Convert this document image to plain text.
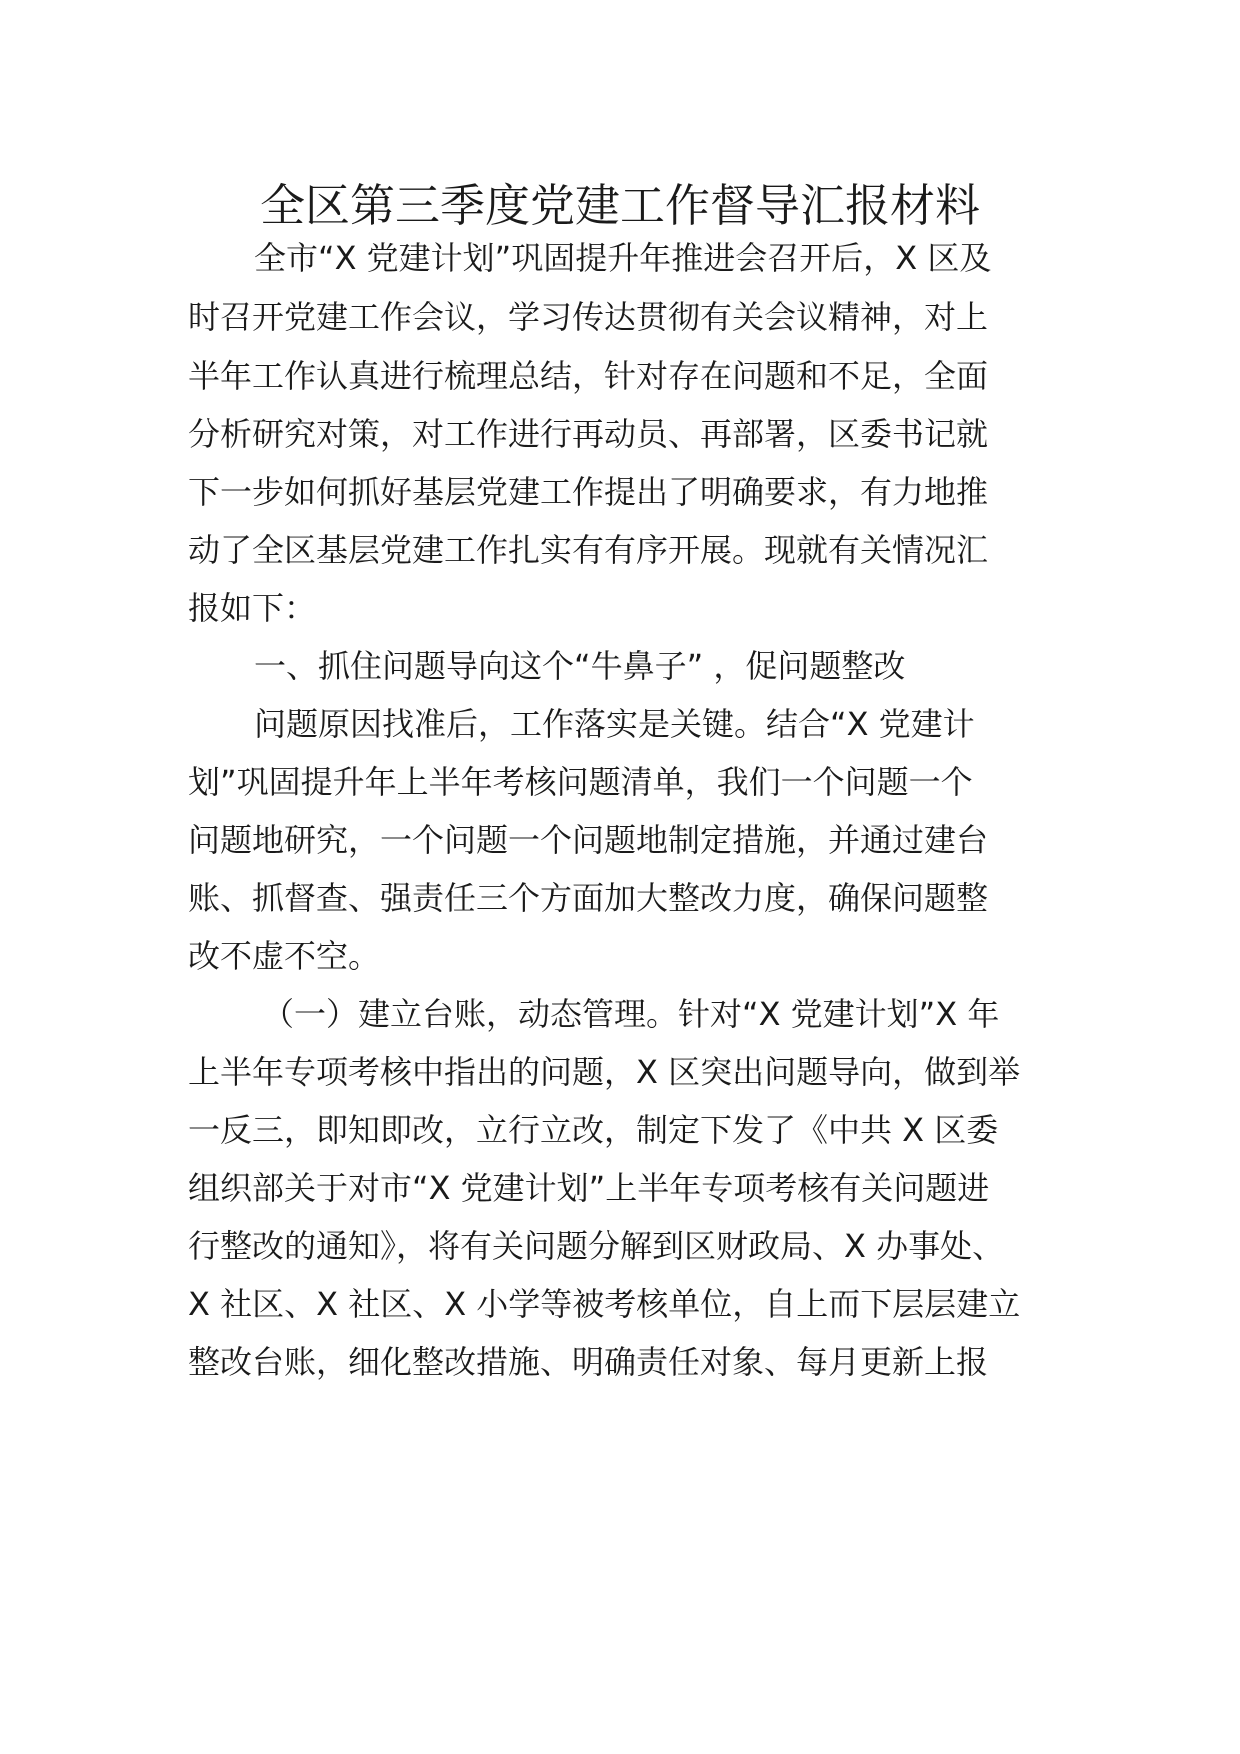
全区第三季度党建工作督导汇报材料
全市“X 党建计划”巩固提升年推进会召开后，X 区及
时召开党建工作会议，学习传达贯彻有关会议精神，对上
半年工作认真进行梳理总结，针对存在问题和不足，全面
分析研究对策，对工作进行再动员、再部署，区委书记就
下一步如何抓好基层党建工作提出了明确要求，有力地推
动了全区基层党建工作扎实有有序开展。现就有关情况汇
报如下：
一、抓住问题导向这个“牛鼻子” ，促问题整改
问题原因找准后，工作落实是关键。结合“X 党建计
划”巩固提升年上半年考核问题清单，我们一个问题一个
问题地研究，一个问题一个问题地制定措施，并通过建台
账、抓督查、强责任三个方面加大整改力度，确保问题整
改不虚不空。
（一）建立台账，动态管理。针对“X 党建计划”X 年
上半年专项考核中指出的问题，X 区突出问题导向，做到举
一反三，即知即改，立行立改，制定下发了《中共 X 区委
组织部关于对市“X 党建计划”上半年专项考核有关问题进
行整改的通知》，将有关问题分解到区财政局、X 办事处、
X 社区、X 社区、X 小学等被考核单位，自上而下层层建立
整改台账，细化整改措施、明确责任对象、每月更新上报
